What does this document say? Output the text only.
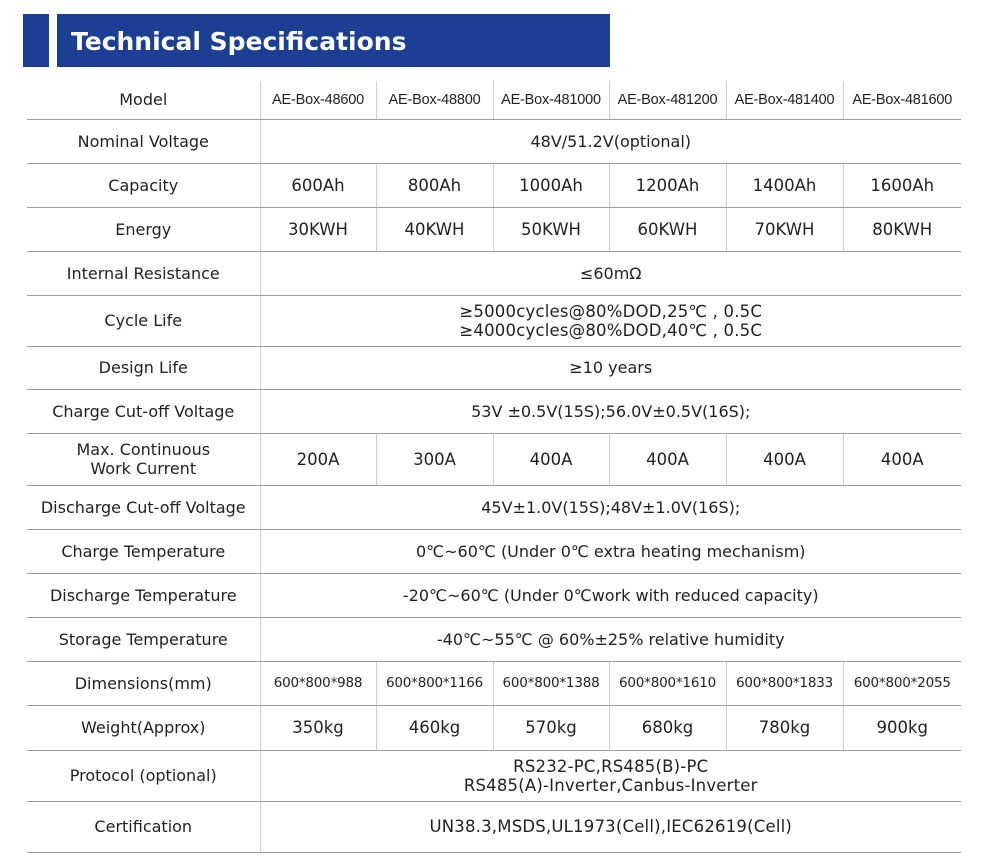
Technical Specifications
Model	AE-Box-48600	AE-Box-48800	AE-Box-481000	AE-Box-481200	AE-Box-481400	AE-Box-481600
Nominal Voltage	48V/51.2V(optional)					
Capacity	600Ah	800Ah	1000Ah	1200Ah	1400Ah	1600Ah
Energy	30KWH	40KWH	50KWH	60KWH	70KWH	80KWH
Internal Resistance	≤60mΩ					
Cycle Life	≥5000cycles@80%DOD,25℃ , 0.5C
≥4000cycles@80%DOD,40℃ , 0.5C					

Design Life	≥10 years					
Charge Cut-off Voltage	53V ±0.5V(15S);56.0V±0.5V(16S);					

Max. Continuous
Work Current	200A	300A	400A	400A	400A	400A
Discharge Cut-off Voltage	45V±1.0V(15S);48V±1.0V(16S);					
Charge Temperature	0℃~60℃ (Under 0℃ extra heating mechanism)					
Discharge Temperature	-20℃~60℃ (Under 0℃work with reduced capacity)					
Storage Temperature	-40℃~55℃ @ 60%±25% relative humidity					
Dimensions(mm)	600*800*988	600*800*1166	600*800*1388	600*800*1610	600*800*1833	600*800*2055
Weight(Approx)	350kg	460kg	570kg	680kg	780kg	900kg
Protocol (optional)	RS232-PC,RS485(B)-PC
RS485(A)-Inverter,Canbus-Inverter					

Certification	UN38.3,MSDS,UL1973(Cell),IEC62619(Cell)					
